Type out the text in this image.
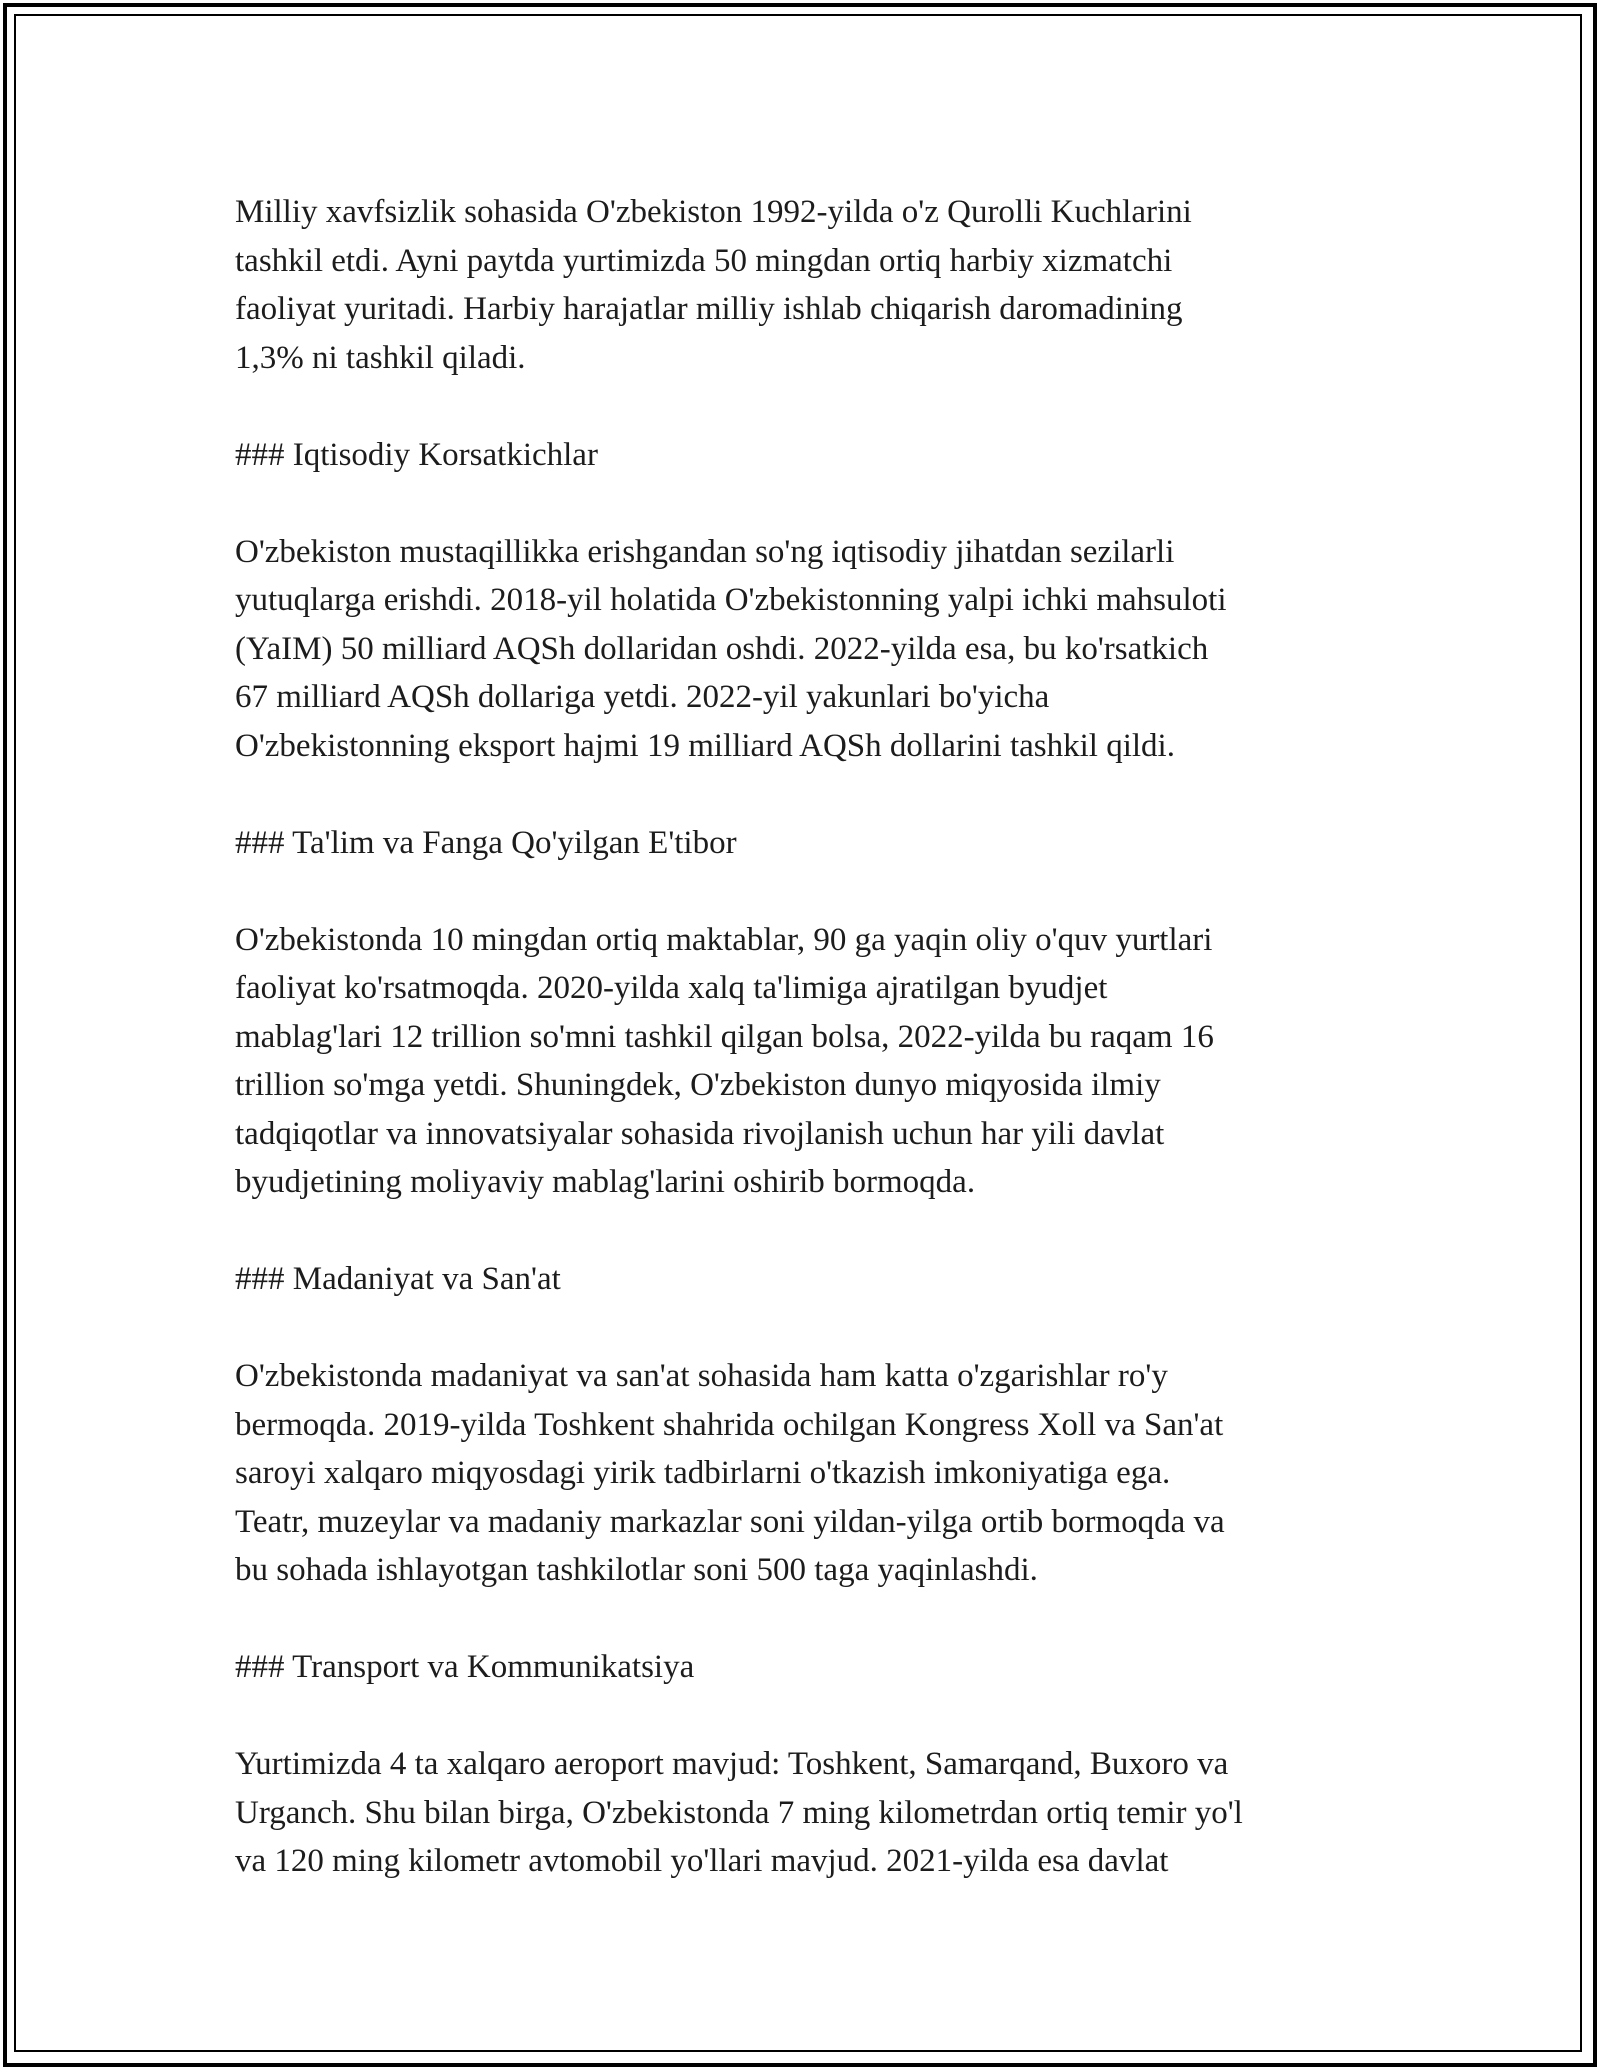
Milliy xavfsizlik sohasida O'zbekiston 1992-yilda o'z Qurolli Kuchlarini
tashkil etdi. Ayni paytda yurtimizda 50 mingdan ortiq harbiy xizmatchi
faoliyat yuritadi. Harbiy harajatlar milliy ishlab chiqarish daromadining
1,3% ni tashkil qiladi.

### Iqtisodiy Korsatkichlar

O'zbekiston mustaqillikka erishgandan so'ng iqtisodiy jihatdan sezilarli
yutuqlarga erishdi. 2018-yil holatida O'zbekistonning yalpi ichki mahsuloti
(YaIM) 50 milliard AQSh dollaridan oshdi. 2022-yilda esa, bu ko'rsatkich
67 milliard AQSh dollariga yetdi. 2022-yil yakunlari bo'yicha
O'zbekistonning eksport hajmi 19 milliard AQSh dollarini tashkil qildi.

### Ta'lim va Fanga Qo'yilgan E'tibor

O'zbekistonda 10 mingdan ortiq maktablar, 90 ga yaqin oliy o'quv yurtlari
faoliyat ko'rsatmoqda. 2020-yilda xalq ta'limiga ajratilgan byudjet
mablag'lari 12 trillion so'mni tashkil qilgan bolsa, 2022-yilda bu raqam 16
trillion so'mga yetdi. Shuningdek, O'zbekiston dunyo miqyosida ilmiy
tadqiqotlar va innovatsiyalar sohasida rivojlanish uchun har yili davlat
byudjetining moliyaviy mablag'larini oshirib bormoqda.

### Madaniyat va San'at

O'zbekistonda madaniyat va san'at sohasida ham katta o'zgarishlar ro'y
bermoqda. 2019-yilda Toshkent shahrida ochilgan Kongress Xoll va San'at
saroyi xalqaro miqyosdagi yirik tadbirlarni o'tkazish imkoniyatiga ega.
Teatr, muzeylar va madaniy markazlar soni yildan-yilga ortib bormoqda va
bu sohada ishlayotgan tashkilotlar soni 500 taga yaqinlashdi.

### Transport va Kommunikatsiya

Yurtimizda 4 ta xalqaro aeroport mavjud: Toshkent, Samarqand, Buxoro va
Urganch. Shu bilan birga, O'zbekistonda 7 ming kilometrdan ortiq temir yo'l
va 120 ming kilometr avtomobil yo'llari mavjud. 2021-yilda esa davlat
